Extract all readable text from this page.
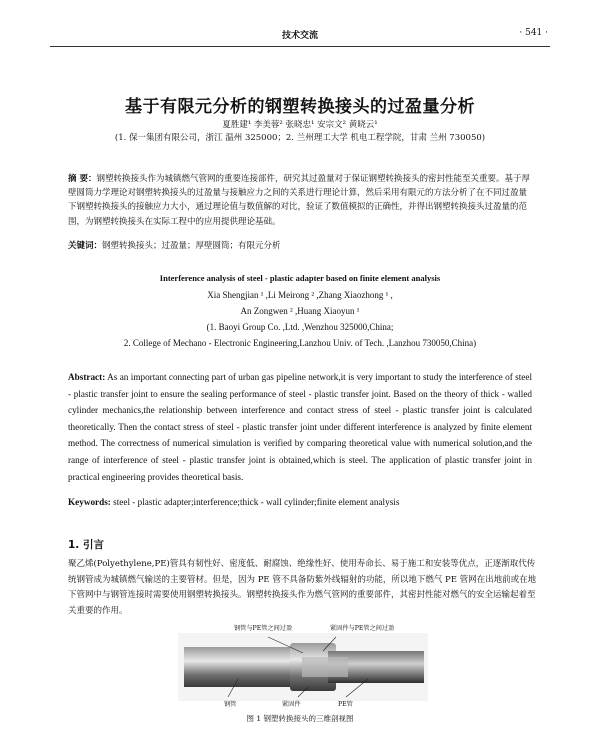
技术交流	· 541 ·
基于有限元分析的钢塑转换接头的过盈量分析
夏胜建¹ 李美蓉² 张晓忠¹ 安宗文² 黄晓云¹
(1. 保一集团有限公司，浙江 温州 325000；2. 兰州理工大学 机电工程学院，甘肃 兰州 730050)
摘 要：钢塑转换接头作为城镇燃气管网的重要连接部件，研究其过盈量对于保证钢塑转换接头的密封性能至关重要。基于厚壁圆筒力学理论对钢塑转换接头的过盈量与接触应力之间的关系进行理论计算，然后采用有限元的方法分析了在不同过盈量下钢塑转换接头的接触应力大小，通过理论值与数值解的对比，验证了数值模拟的正确性，并得出钢塑转换接头过盈量的范围，为钢塑转换接头在实际工程中的应用提供理论基础。
关键词：钢塑转换接头；过盈量；厚壁圆筒；有限元分析
Interference analysis of steel - plastic adapter based on finite element analysis
Xia Shengjian ¹ ,Li Meirong ² ,Zhang Xiaozhong ¹ ,
An Zongwen ² ,Huang Xiaoyun ¹
(1. Baoyi Group Co. ,Ltd. ,Wenzhou 325000,China;
2. College of Mechano - Electronic Engineering,Lanzhou Univ. of Tech. ,Lanzhou 730050,China)
Abstract: As an important connecting part of urban gas pipeline network,it is very important to study the interference of steel - plastic transfer joint to ensure the sealing performance of steel - plastic transfer joint. Based on the theory of thick - walled cylinder mechanics,the relationship between interference and contact stress of steel - plastic transfer joint is calculated theoretically. Then the contact stress of steel - plastic transfer joint under different interference is analyzed by finite element method. The correctness of numerical simulation is verified by comparing theoretical value with numerical solution,and the range of interference of steel - plastic transfer joint is obtained,which is steel. The application of plastic transfer joint in practical engineering provides theoretical basis.
Keywords: steel - plastic adapter;interference;thick - wall cylinder;finite element analysis
1. 引言
聚乙烯(Polyethylene,PE)管具有韧性好、密度低、耐腐蚀、绝缘性好、使用寿命长、易于施工和安装等优点，正逐渐取代传统钢管成为城镇燃气输送的主要管材。但是，因为 PE 管不具备防紫外线辐射的功能，所以地下燃气 PE 管网在出地前或在地下管网中与钢管连接时需要使用钢塑转换接头。钢塑转换接头作为燃气管网的重要部件，其密封性能对燃气的安全运输起着至关重要的作用。
钢管与PE管之间过盈	紧固件与PE管之间过盈
钢管	紧固件	PE管
图 1 钢塑转换接头的三维剖视图
